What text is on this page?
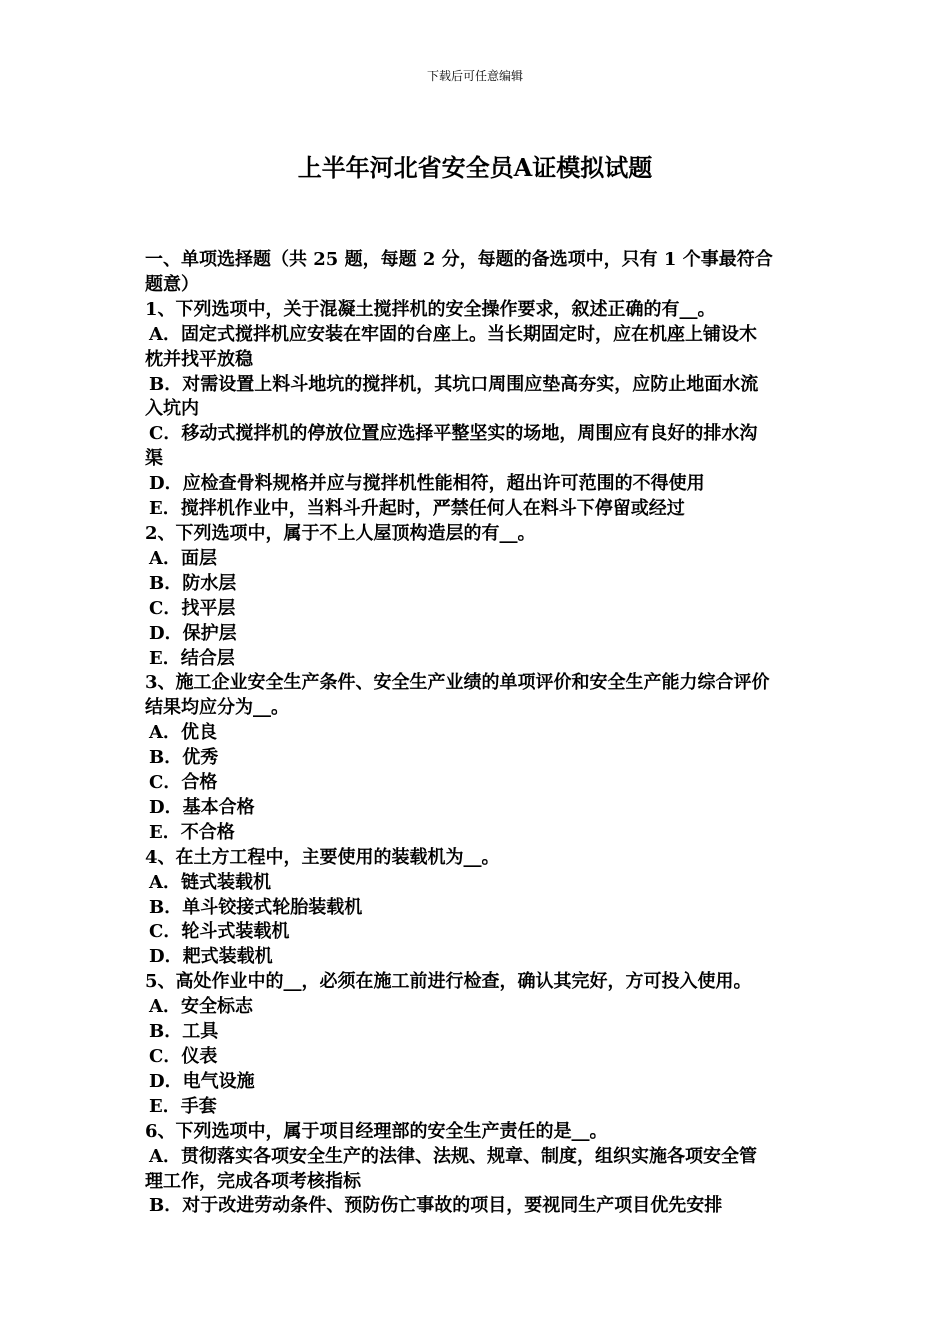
下载后可任意编辑
上半年河北省安全员A证模拟试题

一、单项选择题（共 25 题，每题 2 分，每题的备选项中，只有 1 个事最符合

题意）

1、下列选项中，关于混凝土搅拌机的安全操作要求，叙述正确的有__。

A．固定式搅拌机应安装在牢固的台座上。当长期固定时，应在机座上铺设木

枕并找平放稳

B．对需设置上料斗地坑的搅拌机，其坑口周围应垫高夯实，应防止地面水流

入坑内

C．移动式搅拌机的停放位置应选择平整坚实的场地，周围应有良好的排水沟

渠

D．应检查骨料规格并应与搅拌机性能相符，超出许可范围的不得使用

E．搅拌机作业中，当料斗升起时，严禁任何人在料斗下停留或经过

2、下列选项中，属于不上人屋顶构造层的有__。

A．面层

B．防水层

C．找平层

D．保护层

E．结合层

3、施工企业安全生产条件、安全生产业绩的单项评价和安全生产能力综合评价

结果均应分为__。

A．优良

B．优秀

C．合格

D．基本合格

E．不合格

4、在土方工程中，主要使用的装载机为__。

A．链式装载机

B．单斗铰接式轮胎装载机

C．轮斗式装载机

D．耙式装载机

5、高处作业中的__，必须在施工前进行检查，确认其完好，方可投入使用。

A．安全标志

B．工具

C．仪表

D．电气设施

E．手套

6、下列选项中，属于项目经理部的安全生产责任的是__。

A．贯彻落实各项安全生产的法律、法规、规章、制度，组织实施各项安全管

理工作，完成各项考核指标

B．对于改进劳动条件、预防伤亡事故的项目，要视同生产项目优先安排
